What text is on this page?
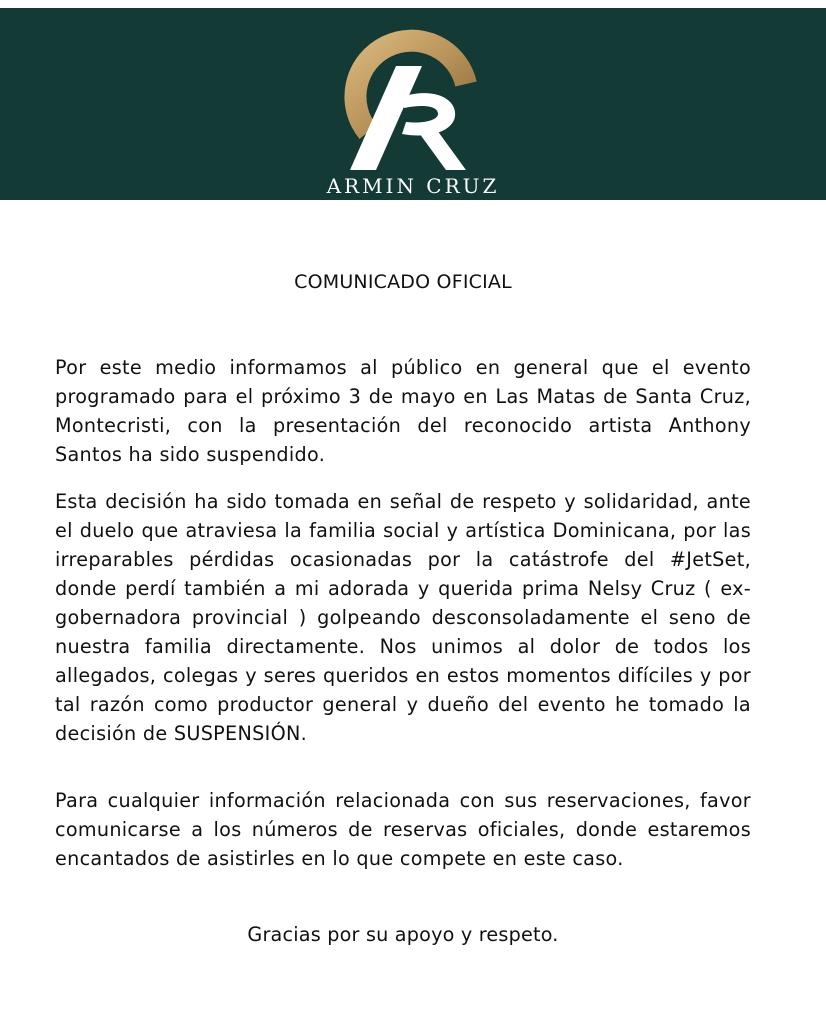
ARMIN CRUZ
COMUNICADO OFICIAL

Por este medio informamos al público en general que el evento programado para el próximo 3 de mayo en Las Matas de Santa Cruz, Montecristi, con la presentación del reconocido artista Anthony Santos ha sido suspendido.

Esta decisión ha sido tomada en señal de respeto y solidaridad, ante el duelo que atraviesa la familia social y artística Dominicana, por las irreparables pérdidas ocasionadas por la catástrofe del #JetSet, donde perdí también a mi adorada y querida prima Nelsy Cruz ( ex-gobernadora provincial ) golpeando desconsoladamente el seno de nuestra familia directamente. Nos unimos al dolor de todos los allegados, colegas y seres queridos en estos momentos difíciles y por tal razón como productor general y dueño del evento he tomado la decisión de SUSPENSIÓN.

Para cualquier información relacionada con sus reservaciones, favor comunicarse a los números de reservas oficiales, donde estaremos encantados de asistirles en lo que compete en este caso.

Gracias por su apoyo y respeto.
